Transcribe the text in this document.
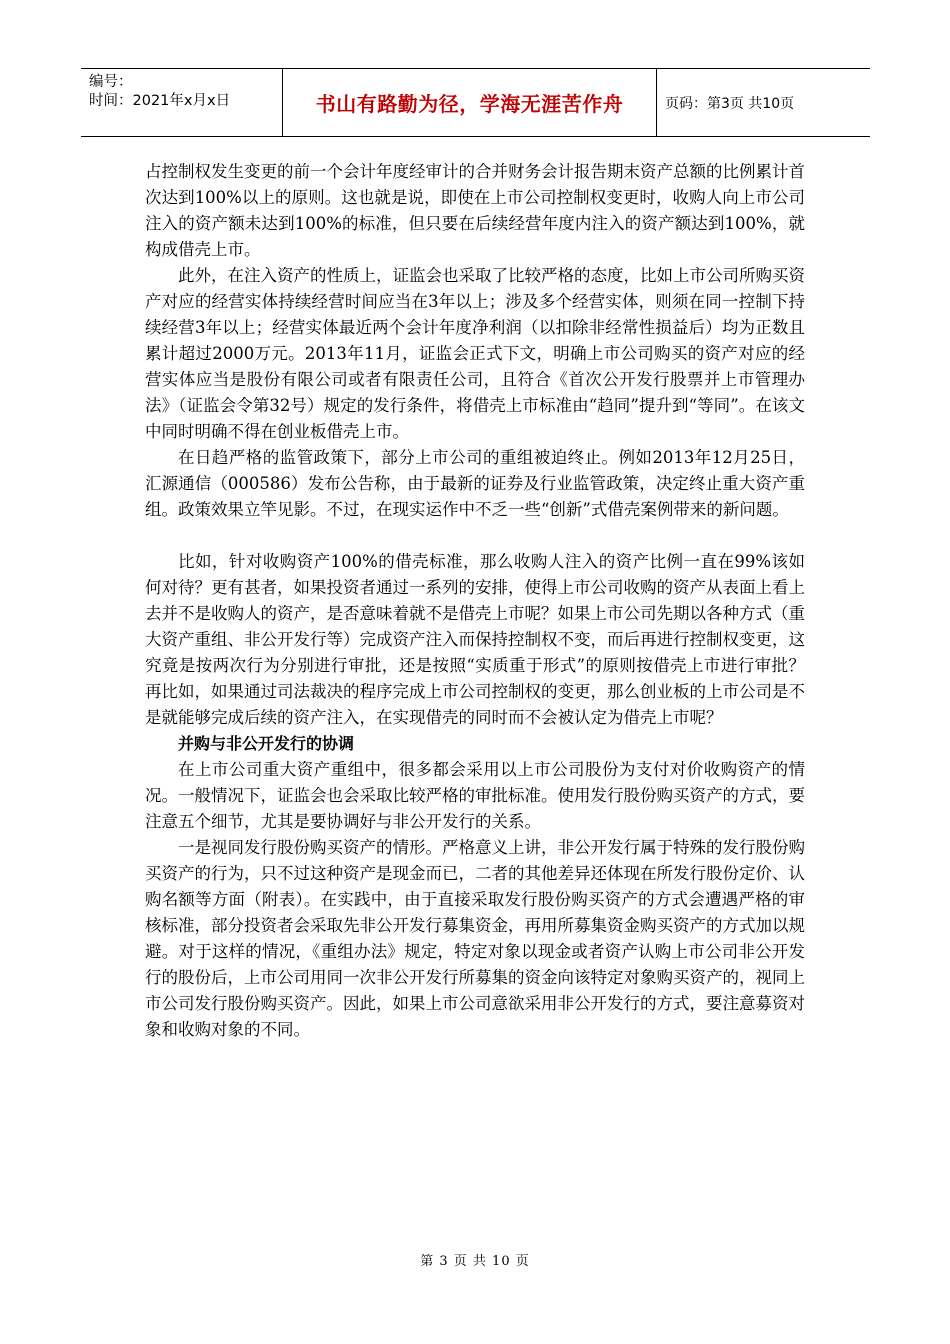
编号：
时间：2021年x月x日	书山有路勤为径，学海无涯苦作舟	页码：第3页 共10页

占控制权发生变更的前一个会计年度经审计的合并财务会计报告期末资产总额的比例累计首次达到100%以上的原则。这也就是说，即使在上市公司控制权变更时，收购人向上市公司注入的资产额未达到100%的标准，但只要在后续经营年度内注入的资产额达到100%，就构成借壳上市。

此外，在注入资产的性质上，证监会也采取了比较严格的态度，比如上市公司所购买资产对应的经营实体持续经营时间应当在3年以上；涉及多个经营实体，则须在同一控制下持续经营3年以上；经营实体最近两个会计年度净利润（以扣除非经常性损益后）均为正数且累计超过2000万元。2013年11月，证监会正式下文，明确上市公司购买的资产对应的经营实体应当是股份有限公司或者有限责任公司，且符合《首次公开发行股票并上市管理办法》（证监会令第32号）规定的发行条件，将借壳上市标准由“趋同”提升到“等同”。在该文中同时明确不得在创业板借壳上市。

在日趋严格的监管政策下，部分上市公司的重组被迫终止。例如2013年12月25日，汇源通信（000586）发布公告称，由于最新的证券及行业监管政策，决定终止重大资产重组。政策效果立竿见影。不过，在现实运作中不乏一些“创新”式借壳案例带来的新问题。

比如，针对收购资产100%的借壳标准，那么收购人注入的资产比例一直在99%该如何对待？更有甚者，如果投资者通过一系列的安排，使得上市公司收购的资产从表面上看上去并不是收购人的资产，是否意味着就不是借壳上市呢？如果上市公司先期以各种方式（重大资产重组、非公开发行等）完成资产注入而保持控制权不变，而后再进行控制权变更，这究竟是按两次行为分别进行审批，还是按照“实质重于形式”的原则按借壳上市进行审批？再比如，如果通过司法裁决的程序完成上市公司控制权的变更，那么创业板的上市公司是不是就能够完成后续的资产注入，在实现借壳的同时而不会被认定为借壳上市呢？

并购与非公开发行的协调

在上市公司重大资产重组中，很多都会采用以上市公司股份为支付对价收购资产的情况。一般情况下，证监会也会采取比较严格的审批标准。使用发行股份购买资产的方式，要注意五个细节，尤其是要协调好与非公开发行的关系。

一是视同发行股份购买资产的情形。严格意义上讲，非公开发行属于特殊的发行股份购买资产的行为，只不过这种资产是现金而已，二者的其他差异还体现在所发行股份定价、认购名额等方面（附表）。在实践中，由于直接采取发行股份购买资产的方式会遭遇严格的审核标准，部分投资者会采取先非公开发行募集资金，再用所募集资金购买资产的方式加以规避。对于这样的情况，《重组办法》规定，特定对象以现金或者资产认购上市公司非公开发行的股份后，上市公司用同一次非公开发行所募集的资金向该特定对象购买资产的，视同上市公司发行股份购买资产。因此，如果上市公司意欲采用非公开发行的方式，要注意募资对象和收购对象的不同。

第 3 页 共 10 页
